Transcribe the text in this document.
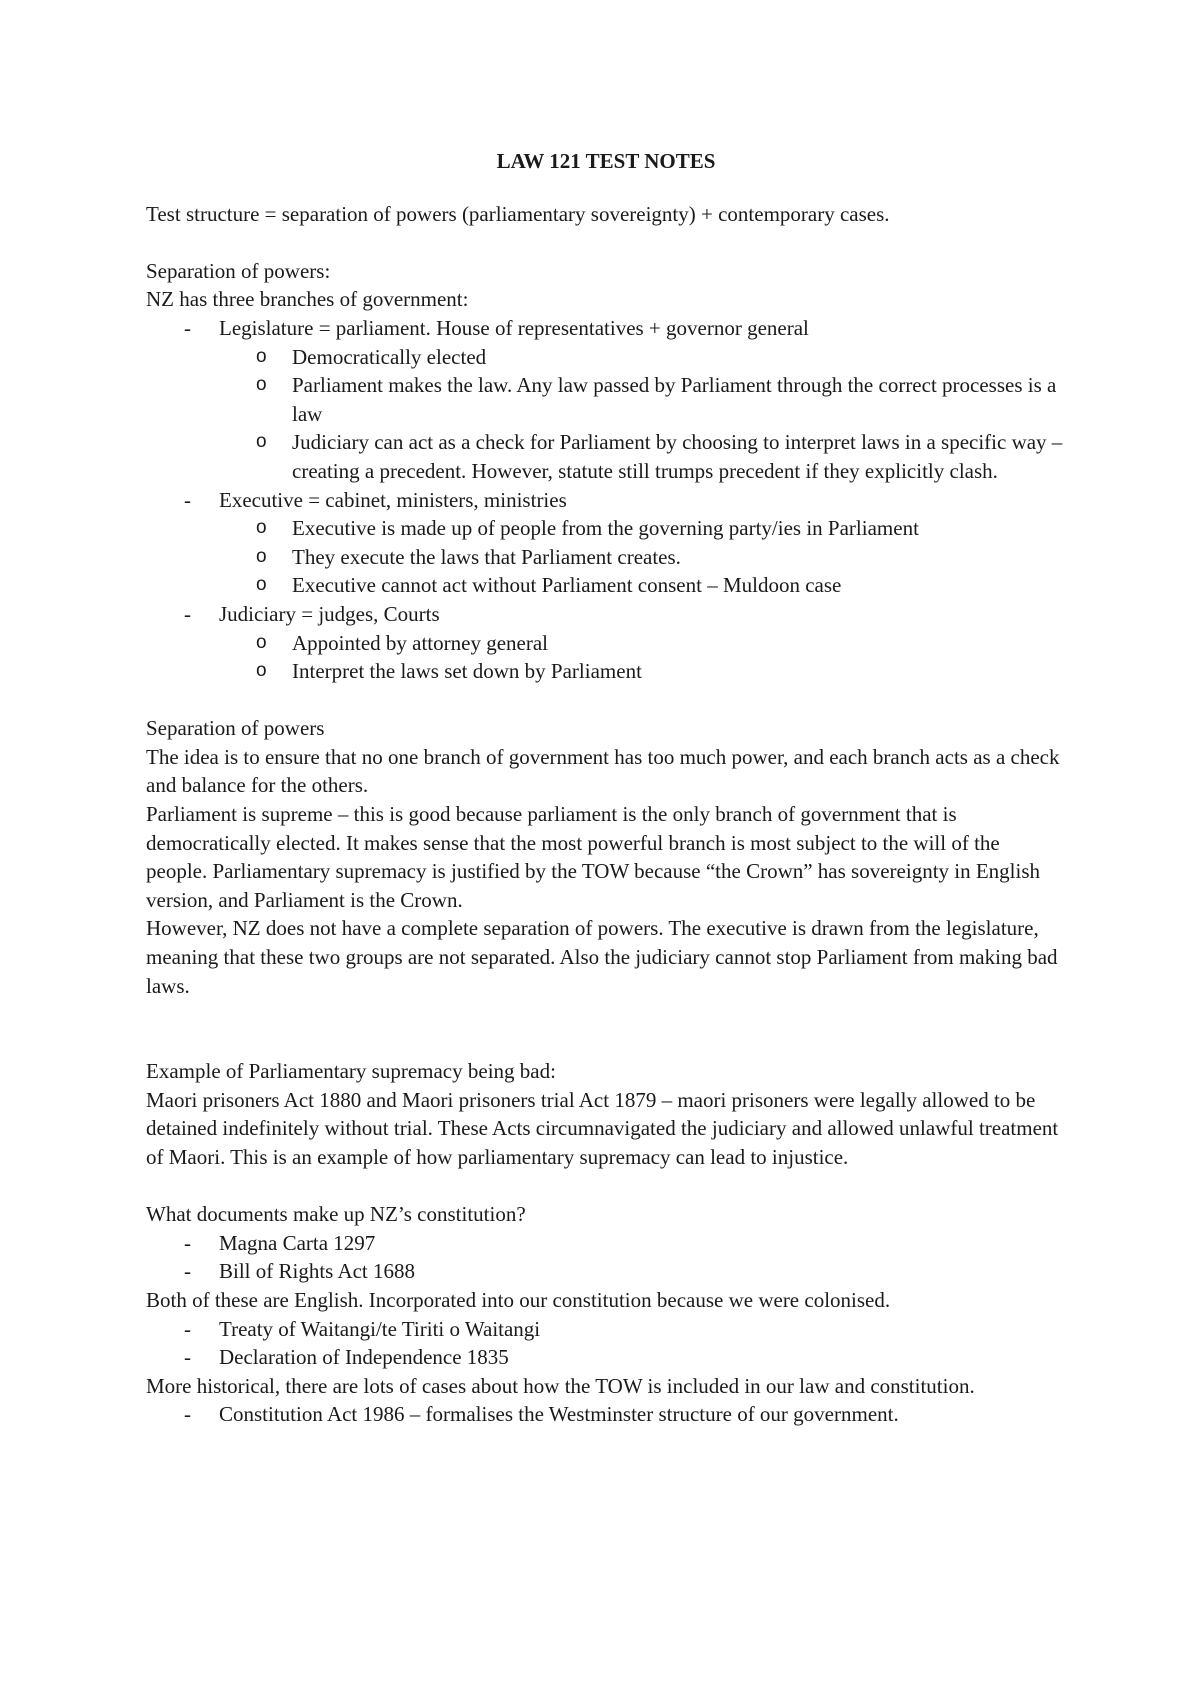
LAW 121 TEST NOTES

Test structure = separation of powers (parliamentary sovereignty) + contemporary cases.

Separation of powers:

NZ has three branches of government:

- Legislature = parliament. House of representatives + governor general
o Democratically elected
o Parliament makes the law. Any law passed by Parliament through the correct processes is a law
o Judiciary can act as a check for Parliament by choosing to interpret laws in a specific way – creating a precedent. However, statute still trumps precedent if they explicitly clash.
- Executive = cabinet, ministers, ministries
o Executive is made up of people from the governing party/ies in Parliament
o They execute the laws that Parliament creates.
o Executive cannot act without Parliament consent – Muldoon case
- Judiciary = judges, Courts
o Appointed by attorney general
o Interpret the laws set down by Parliament

Separation of powers

The idea is to ensure that no one branch of government has too much power, and each branch acts as a check and balance for the others.

Parliament is supreme – this is good because parliament is the only branch of government that is democratically elected. It makes sense that the most powerful branch is most subject to the will of the people. Parliamentary supremacy is justified by the TOW because “the Crown” has sovereignty in English version, and Parliament is the Crown.

However, NZ does not have a complete separation of powers. The executive is drawn from the legislature, meaning that these two groups are not separated. Also the judiciary cannot stop Parliament from making bad laws.

Example of Parliamentary supremacy being bad:

Maori prisoners Act 1880 and Maori prisoners trial Act 1879 – maori prisoners were legally allowed to be detained indefinitely without trial. These Acts circumnavigated the judiciary and allowed unlawful treatment of Maori. This is an example of how parliamentary supremacy can lead to injustice.

What documents make up NZ’s constitution?

- Magna Carta 1297
- Bill of Rights Act 1688

Both of these are English. Incorporated into our constitution because we were colonised.

- Treaty of Waitangi/te Tiriti o Waitangi
- Declaration of Independence 1835

More historical, there are lots of cases about how the TOW is included in our law and constitution.

- Constitution Act 1986 – formalises the Westminster structure of our government.
